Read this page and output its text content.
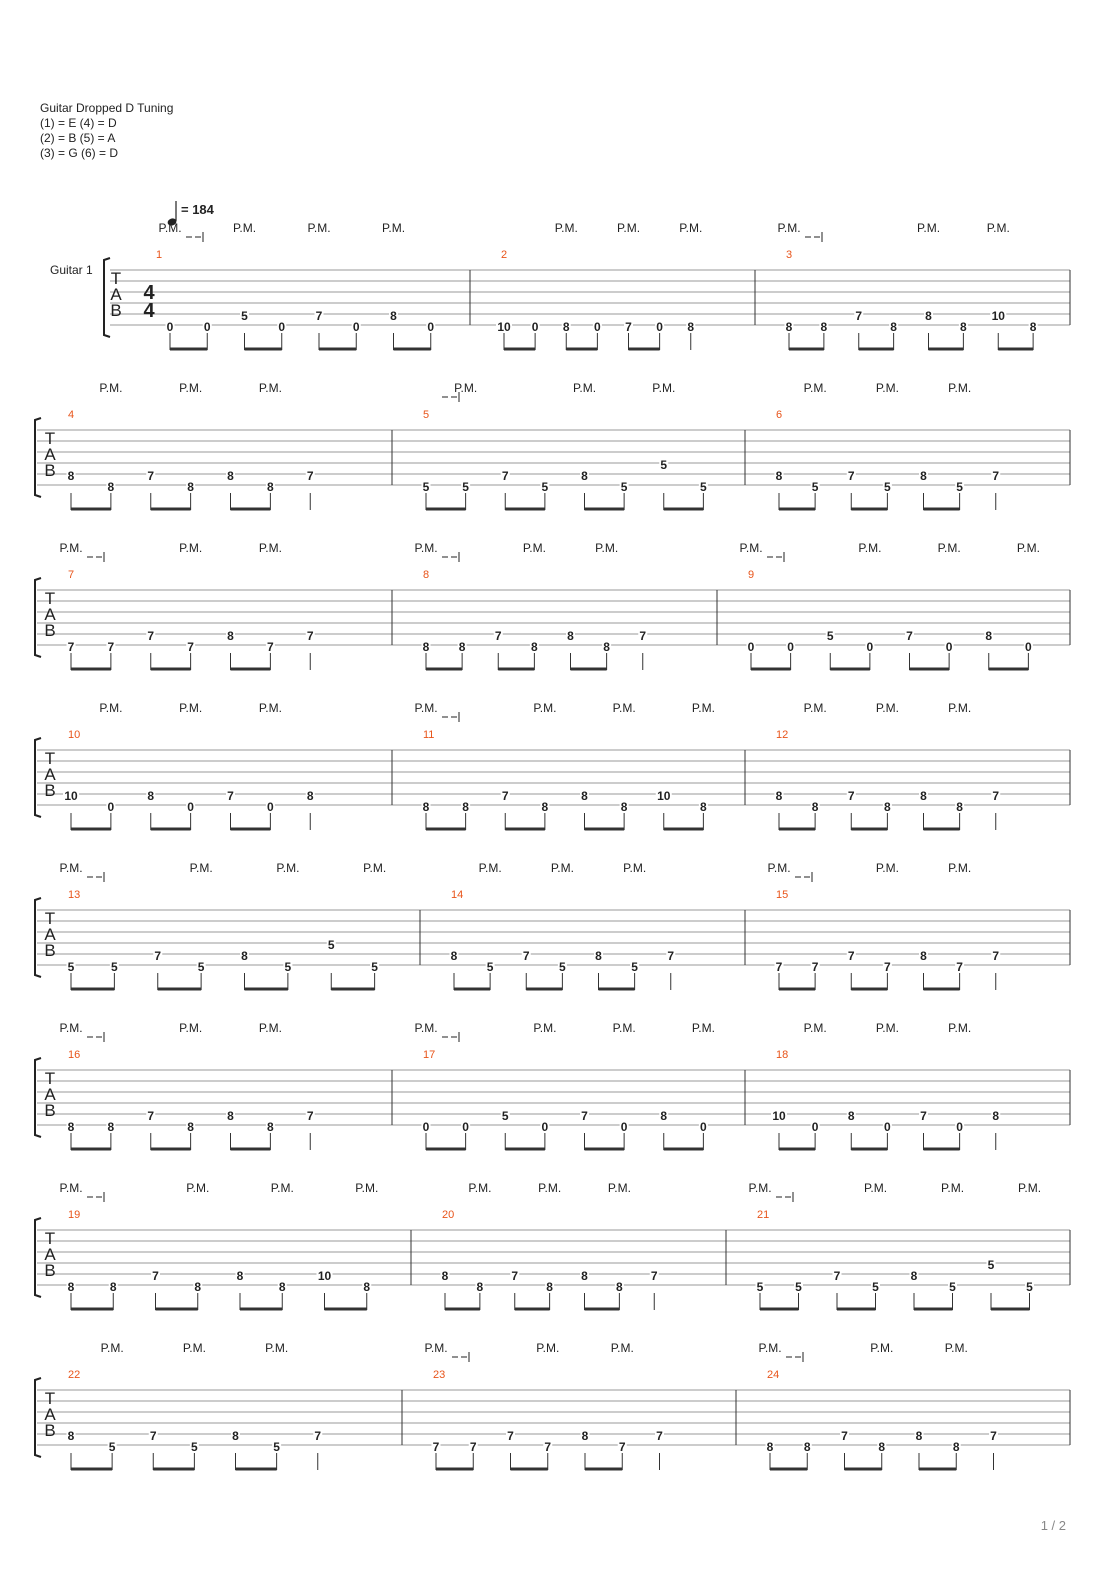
Guitar Dropped D Tuning
(1) = E (4) = D
(2) = B (5) = A
(3) = G (6) = D
Guitar 1 T
A
B
4
4
= 184
1
0
P.M.
0
5
P.M.
0
7
P.M.
0
8
P.M.
0
2
10 0 8
P.M.
0 7
P.M.
0 8
P.M.
3
8
P.M.
8
7
8
8
P.M.
8
10
P.M.
8
T
A
B
4
8
8
P.M.
7
8
P.M.
8
8
P.M.
7
5
5	5
P.M.
7
5
8
P.M.
5
5
P.M.
5
6
8
5
P.M.
7
5
P.M.
8
5
P.M.
7
T
A
B
7
7
P.M.
7
7
7
P.M.
8
7
P.M.
7
8
8
P.M.
8
7
8
P.M.
8
8
P.M.
7
9
0
P.M.
0
5
0
P.M.
7
0
P.M.
8
0
P.M.
T
A
B
10
10
0
P.M.
8
0
P.M.
7
0
P.M.
8
11
8
P.M.
8
7
8
P.M.
8
8
P.M.
10
8
P.M.
12
8
8
P.M.
7
8
P.M.
8
8
P.M.
7
T
A
B
13
5
P.M.
5
7
5
P.M.
8
5
P.M.
5
5
P.M.
14
8
5
P.M.
7
5
P.M.
8
5
P.M.
7
15
7
P.M.
7
7
7
P.M.
8
7
P.M.
7
T
A
B
16
8
P.M.
8
7
8
P.M.
8
8
P.M.
7
17
0
P.M.
0
5
0
P.M.
7
0
P.M.
8
0
P.M.
18
10
0
P.M.
8
0
P.M.
7
0
P.M.
8
T
A
B
19
8
P.M.
8
7
8
P.M.
8
8
P.M.
10
8
P.M.
20
8
8
P.M.
7
8
P.M.
8
8
P.M.
7
21
5
P.M.
5
7
5
P.M.
8
5
P.M.
5
5
P.M.
T
A
B
22
8
5
P.M.
7
5
P.M.
8
5
P.M.
7
23
7
P.M.
7
7
7
P.M.
8
7
P.M.
7
24
8
P.M.
8
7
8
P.M.
8
8
P.M.
7
1 / 2
